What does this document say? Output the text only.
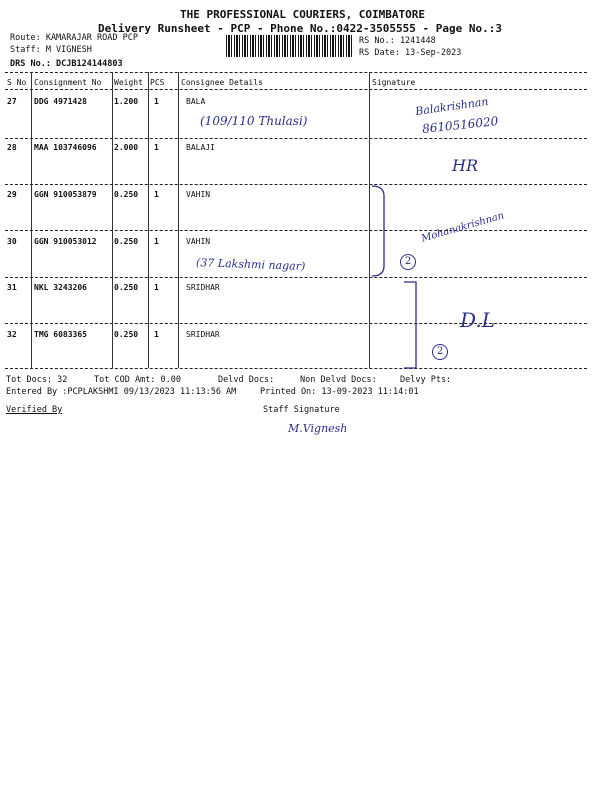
THE PROFESSIONAL COURIERS, COIMBATORE
Delivery Runsheet - PCP - Phone No.:0422-3505555 - Page No.:3
Route: KAMARAJAR ROAD PCP
Staff: M VIGNESH
DRS No.: DCJB124144803
RS No.: 1241448
RS Date: 13-Sep-2023
S No Consignment No Weight PCS Consignee Details	Signature
27 DDG 4971428	1.200 1	BALA
28 MAA 103746096 2.000 1	BALAJI
29 GGN 910053879 0.250 1	VAHIN
30 GGN 910053012 0.250 1	VAHIN
31 NKL 3243206	0.250 1	SRIDHAR
32 TMG 6083365	0.250 1	SRIDHAR
(109/110 Thulasi)
Balakrishnan
8610516020
HR
Mohanakrishnan
2
(37 Lakshmi nagar)
D.L
2
Tot Docs: 32	Tot COD Amt: 0.00	Delvd Docs:	Non Delvd Docs:	Delvy Pts:
Entered By :PCPLAKSHMI 09/13/2023 11:13:56 AM	Printed On: 13-09-2023 11:14:01
Verified By	Staff Signature
M.Vignesh
